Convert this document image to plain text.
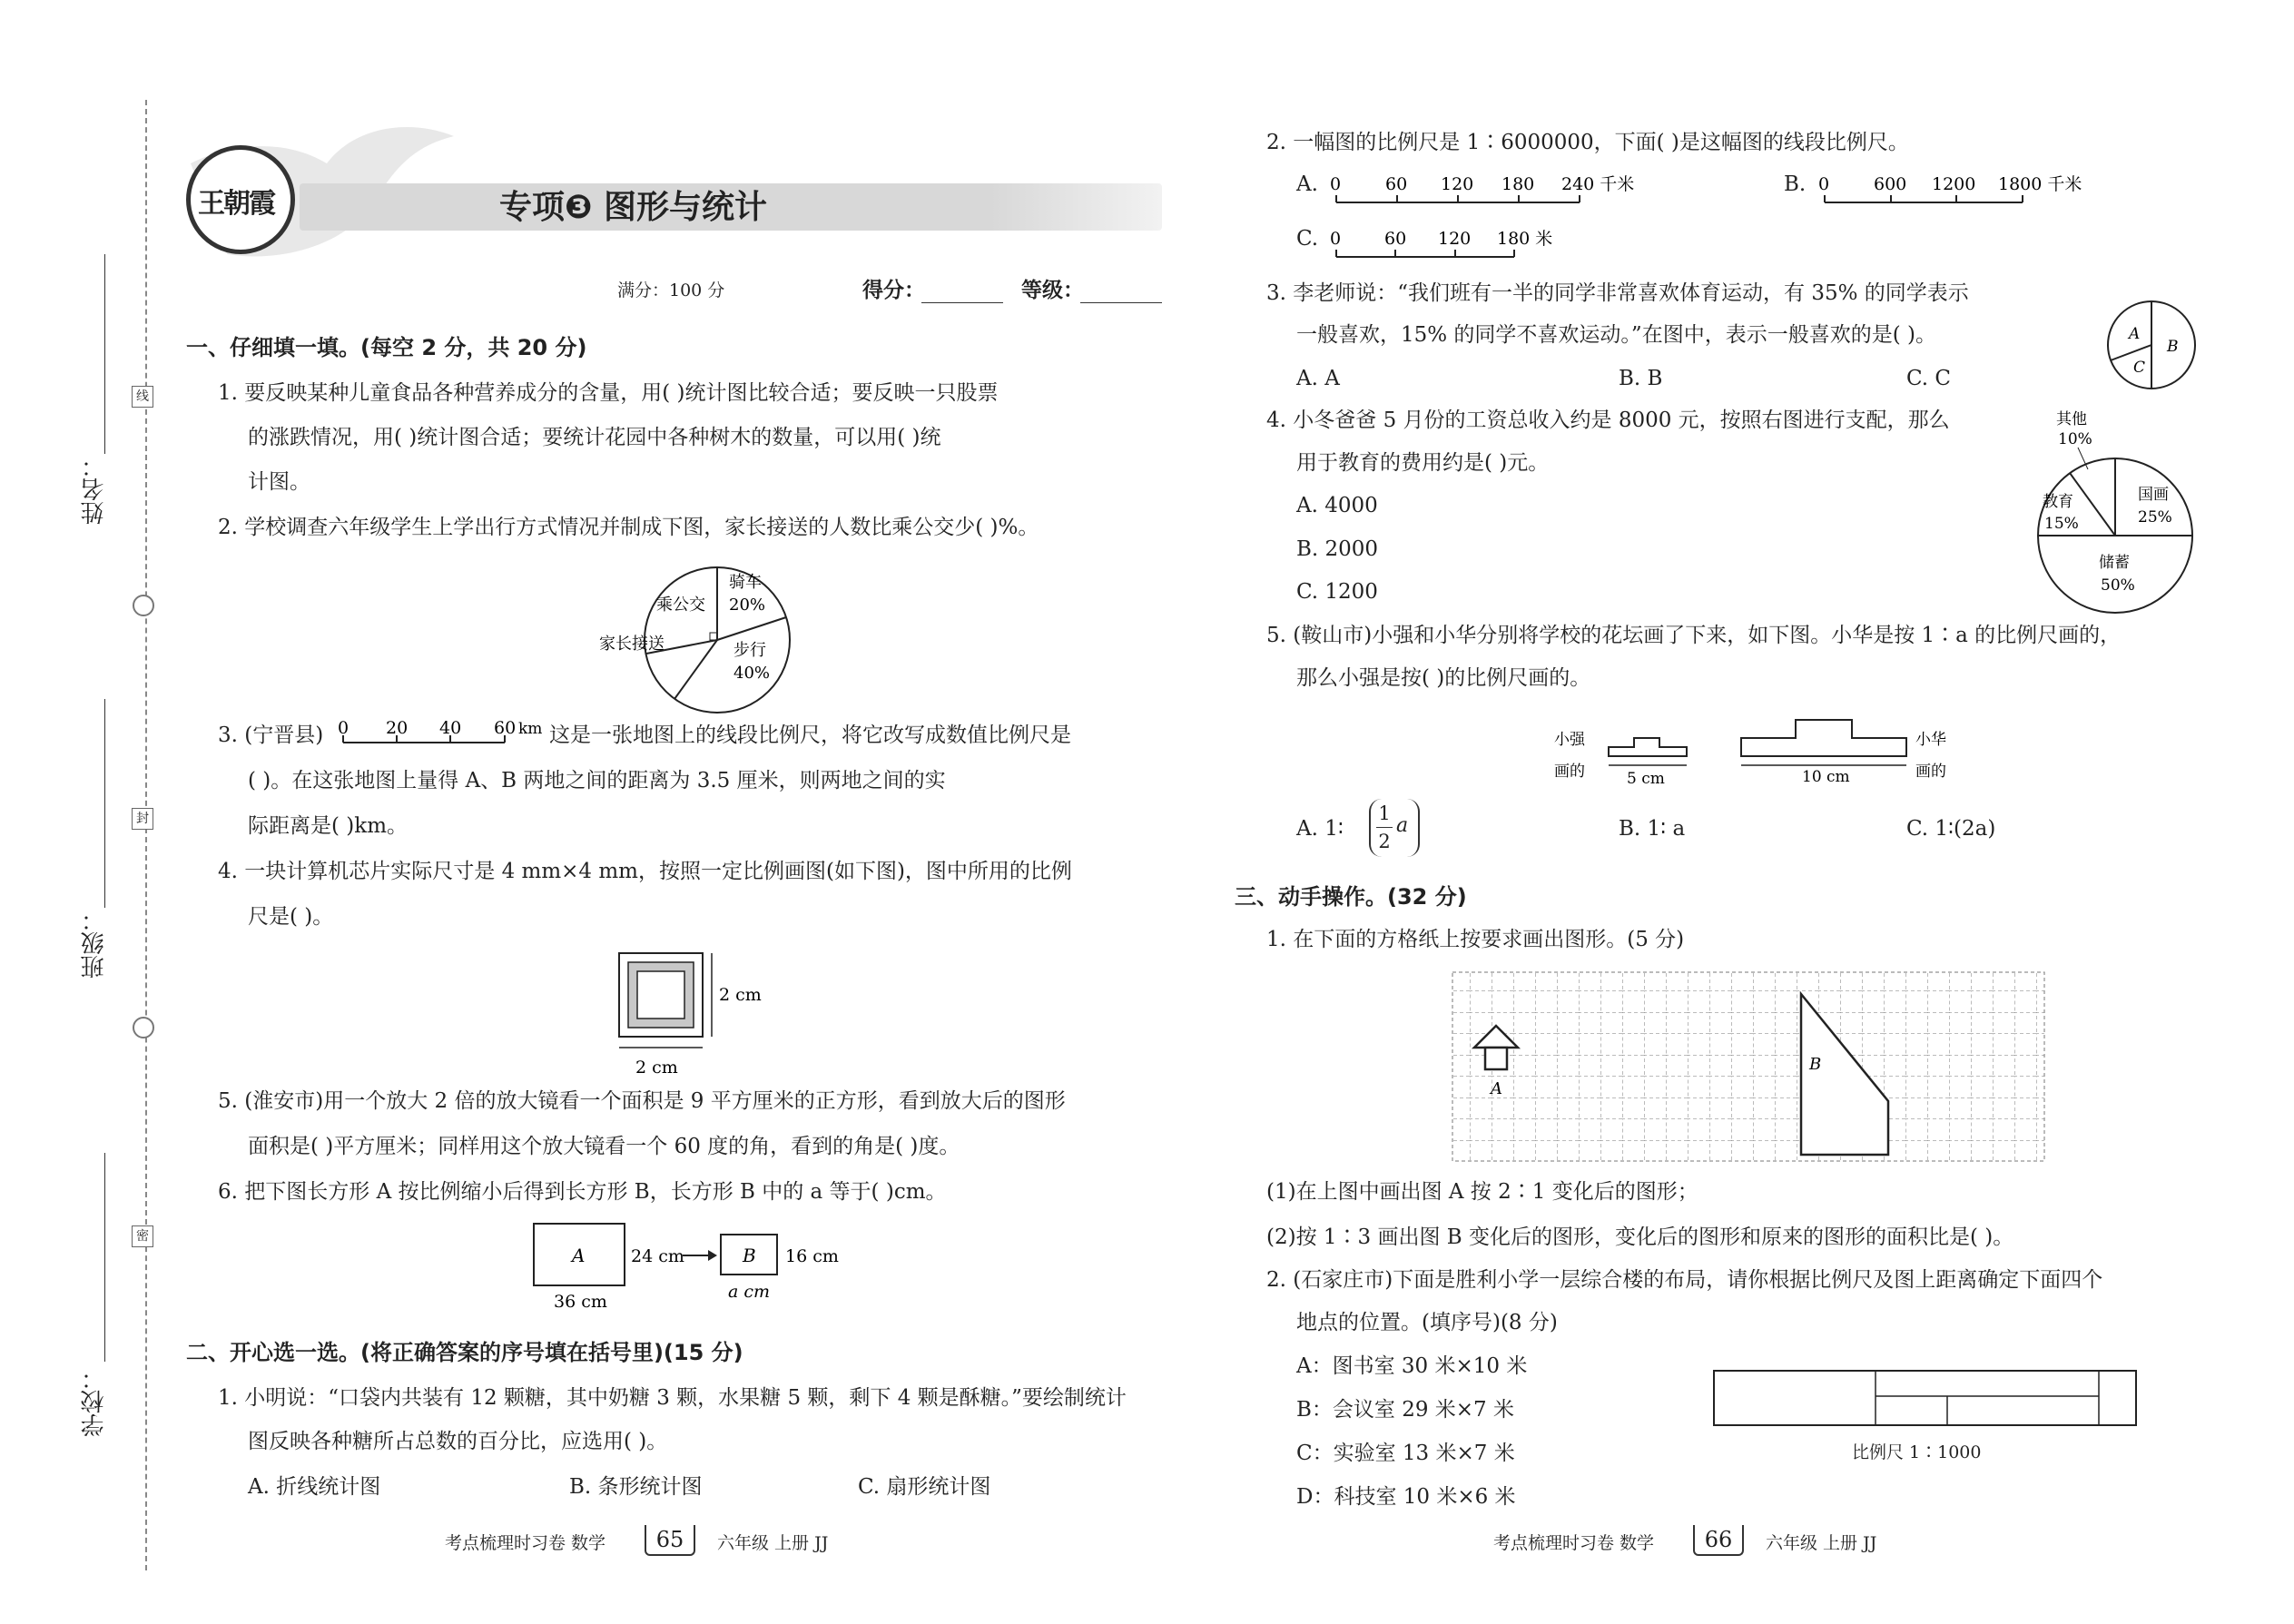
线
封
密
姓名：
班级：
学校：
王朝霞	专项❸ 图形与统计
满分：100 分	得分：	等级：
一、仔细填一填。(每空 2 分，共 20 分)
1. 要反映某种儿童食品各种营养成分的含量，用( )统计图比较合适；要反映一只股票
的涨跌情况，用( )统计图合适；要统计花园中各种树木的数量，可以用( )统
计图。
2. 学校调查六年级学生上学出行方式情况并制成下图，家长接送的人数比乘公交少( )%。
骑车
20%
乘公交
家长接送	步行
40%
3. (宁晋县) 0 20 40 60 km 这是一张地图上的线段比例尺，将它改写成数值比例尺是
( )。在这张地图上量得 A、B 两地之间的距离为 3.5 厘米，则两地之间的实
际距离是( )km。
4. 一块计算机芯片实际尺寸是 4 mm×4 mm，按照一定比例画图(如下图)，图中所用的比例
尺是( )。
2 cm
2 cm
5. (淮安市)用一个放大 2 倍的放大镜看一个面积是 9 平方厘米的正方形，看到放大后的图形
面积是( )平方厘米；同样用这个放大镜看一个 60 度的角，看到的角是( )度。
6. 把下图长方形 A 按比例缩小后得到长方形 B，长方形 B 中的 a 等于( )cm。
A	24 cm
36 cm
B 16 cm
a cm
二、开心选一选。(将正确答案的序号填在括号里)(15 分)
1. 小明说：“口袋内共装有 12 颗糖，其中奶糖 3 颗，水果糖 5 颗，剩下 4 颗是酥糖。”要绘制统计
图反映各种糖所占总数的百分比，应选用( )。
A. 折线统计图	B. 条形统计图	C. 扇形统计图
考点梳理时习卷 数学	65	六年级 上册 JJ
2. 一幅图的比例尺是 1∶6000000，下面( )是这幅图的线段比例尺。
A. 0	60 120 180 240 千米	B. 0	600 1200 1800 千米
C. 0	60 120 180 米
3. 李老师说：“我们班有一半的同学非常喜欢体育运动，有 35% 的同学表示
一般喜欢，15% 的同学不喜欢运动。”在图中，表示一般喜欢的是( )。
A. A	B. B	C. C
A
B
C
4. 小冬爸爸 5 月份的工资总收入约是 8000 元，按照右图进行支配，那么
用于教育的费用约是( )元。
A. 4000
B. 2000
C. 1200
其他
10%
教育
15%
国画
25%
储蓄
50%
5. (鞍山市)小强和小华分别将学校的花坛画了下来，如下图。小华是按 1∶a 的比例尺画的，
那么小强是按( )的比例尺画的。
小强
画的	5 cm	10 cm
小华
画的
A. 1∶
1
2
a	B. 1∶ a	C. 1∶(2a)
三、动手操作。(32 分)
1. 在下面的方格纸上按要求画出图形。(5 分)
A
B
(1)在上图中画出图 A 按 2∶1 变化后的图形；
(2)按 1∶3 画出图 B 变化后的图形，变化后的图形和原来的图形的面积比是( )。
2. (石家庄市)下面是胜利小学一层综合楼的布局，请你根据比例尺及图上距离确定下面四个
地点的位置。(填序号)(8 分)
A：图书室 30 米×10 米
B：会议室 29 米×7 米
C：实验室 13 米×7 米
D：科技室 10 米×6 米
比例尺 1∶1000
考点梳理时习卷 数学	66	六年级 上册 JJ
